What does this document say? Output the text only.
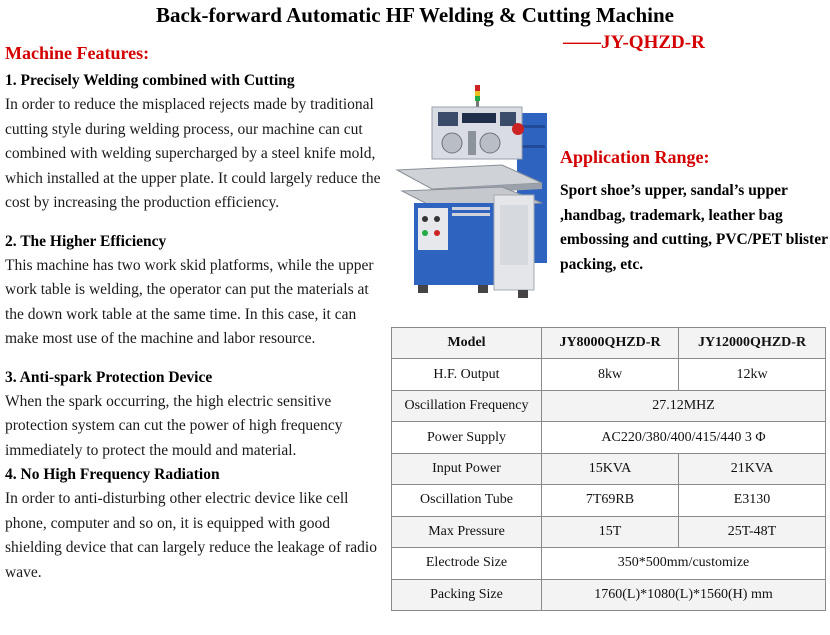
Back-forward Automatic HF Welding & Cutting Machine
——JY-QHZD-R
Machine Features:
1. Precisely Welding combined with Cutting
In order to reduce the misplaced rejects made by traditional cutting style during welding process, our machine can cut combined with welding supercharged by a steel knife mold, which installed at the upper plate. It could largely reduce the cost by increasing the production efficiency.
2. The Higher Efficiency
This machine has two work skid platforms, while the upper work table is welding, the operator can put the materials at the down work table at the same time. In this case, it can make most use of the machine and labor resource.
3. Anti-spark Protection Device
When the spark occurring, the high electric sensitive protection system can cut the power of high frequency immediately to protect the mould and material.
4. No High Frequency Radiation
In order to anti-disturbing other electric device like cell phone, computer and so on, it is equipped with good shielding device that can largely reduce the leakage of radio wave.
Application Range:
Sport shoe’s upper, sandal’s upper ,handbag, trademark, leather bag embossing and cutting, PVC/PET blister packing, etc.
Model	JY8000QHZD-R	JY12000QHZD-R
H.F. Output	8kw	12kw
Oscillation Frequency	27.12MHZ	
Power Supply	AC220/380/400/415/440 3 Φ	
Input Power	15KVA	21KVA
Oscillation Tube	7T69RB	E3130
Max Pressure	15T	25T-48T
Electrode Size	350*500mm/customize	
Packing Size	1760(L)*1080(L)*1560(H) mm	
